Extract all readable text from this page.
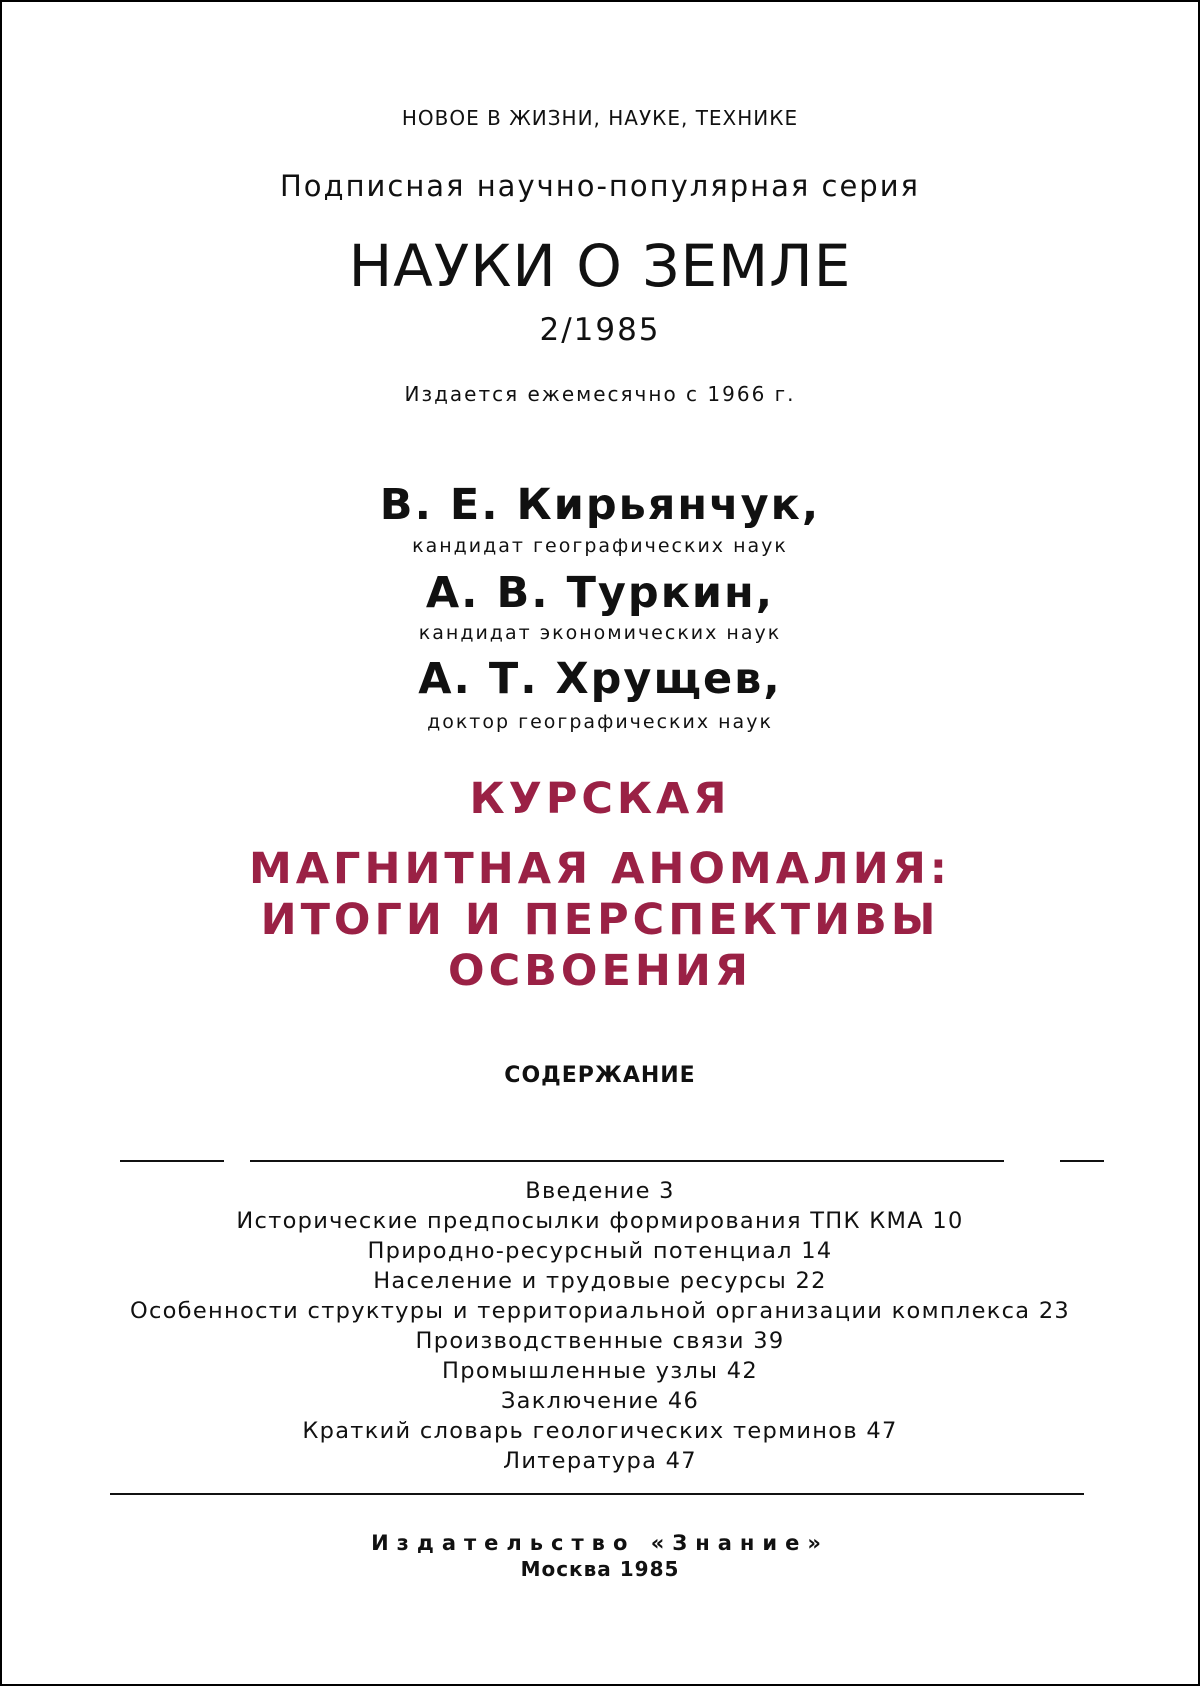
НОВОЕ В ЖИЗНИ, НАУКЕ, ТЕХНИКЕ
Подписная научно-популярная серия
НАУКИ О ЗЕМЛЕ
2/1985
Издается ежемесячно с 1966 г.
В. Е. Кирьянчук,
кандидат географических наук
А. В. Туркин,
кандидат экономических наук
А. Т. Хрущев,
доктор географических наук
КУРСКАЯ
МАГНИТНАЯ АНОМАЛИЯ:
ИТОГИ И ПЕРСПЕКТИВЫ
ОСВОЕНИЯ
СОДЕРЖАНИЕ
Введение 3
Исторические предпосылки формирования ТПК КМА 10
Природно-ресурсный потенциал 14
Население и трудовые ресурсы 22
Особенности структуры и территориальной организации комплекса 23
Производственные связи 39
Промышленные узлы 42
Заключение 46
Краткий словарь геологических терминов 47
Литература 47
Издательство «Знание»
Москва 1985
